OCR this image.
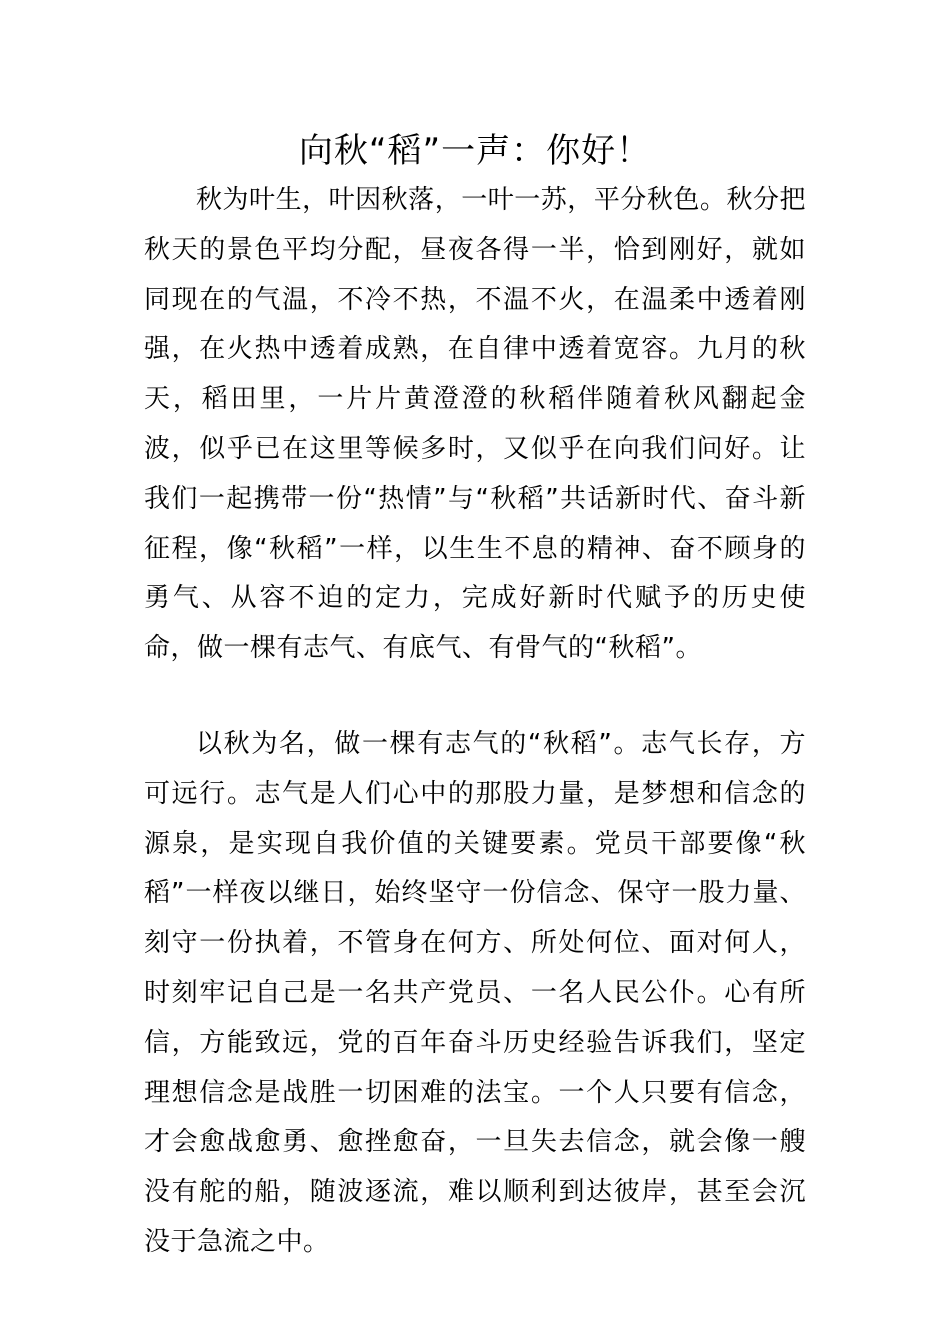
向秋“稻”一声：你好！

秋为叶生，叶因秋落，一叶一苏，平分秋色。秋分把秋天的景色平均分配，昼夜各得一半，恰到刚好，就如同现在的气温，不冷不热，不温不火，在温柔中透着刚强，在火热中透着成熟，在自律中透着宽容。九月的秋天，稻田里，一片片黄澄澄的秋稻伴随着秋风翻起金波，似乎已在这里等候多时，又似乎在向我们问好。让我们一起携带一份“热情”与“秋稻”共话新时代、奋斗新征程，像“秋稻”一样，以生生不息的精神、奋不顾身的勇气、从容不迫的定力，完成好新时代赋予的历史使命，做一棵有志气、有底气、有骨气的“秋稻”。

以秋为名，做一棵有志气的“秋稻”。志气长存，方可远行。志气是人们心中的那股力量，是梦想和信念的源泉，是实现自我价值的关键要素。党员干部要像“秋稻”一样夜以继日，始终坚守一份信念、保守一股力量、刻守一份执着，不管身在何方、所处何位、面对何人，时刻牢记自己是一名共产党员、一名人民公仆。心有所信，方能致远，党的百年奋斗历史经验告诉我们，坚定理想信念是战胜一切困难的法宝。一个人只要有信念，才会愈战愈勇、愈挫愈奋，一旦失去信念，就会像一艘没有舵的船，随波逐流，难以顺利到达彼岸，甚至会沉没于急流之中。
